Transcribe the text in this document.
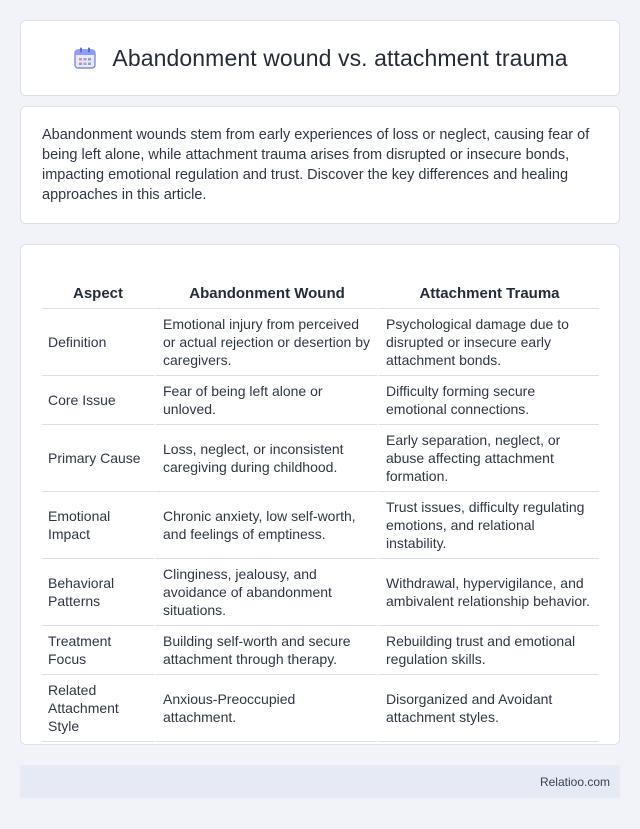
Abandonment wound vs. attachment trauma

Abandonment wounds stem from early experiences of loss or neglect, causing fear of being left alone, while attachment trauma arises from disrupted or insecure bonds, impacting emotional regulation and trust. Discover the key differences and healing approaches in this article.

Aspect	Abandonment Wound	Attachment Trauma
Definition	Emotional injury from perceived or actual rejection or desertion by caregivers.	Psychological damage due to disrupted or insecure early attachment bonds.
Core Issue	Fear of being left alone or unloved.	Difficulty forming secure emotional connections.
Primary Cause	Loss, neglect, or inconsistent caregiving during childhood.	Early separation, neglect, or abuse affecting attachment formation.
Emotional Impact	Chronic anxiety, low self-worth, and feelings of emptiness.	Trust issues, difficulty regulating emotions, and relational instability.
Behavioral Patterns	Clinginess, jealousy, and avoidance of abandonment situations.	Withdrawal, hypervigilance, and ambivalent relationship behavior.
Treatment Focus	Building self-worth and secure attachment through therapy.	Rebuilding trust and emotional regulation skills.
Related Attachment Style	Anxious-Preoccupied attachment.	Disorganized and Avoidant attachment styles.
Relatioo.com
